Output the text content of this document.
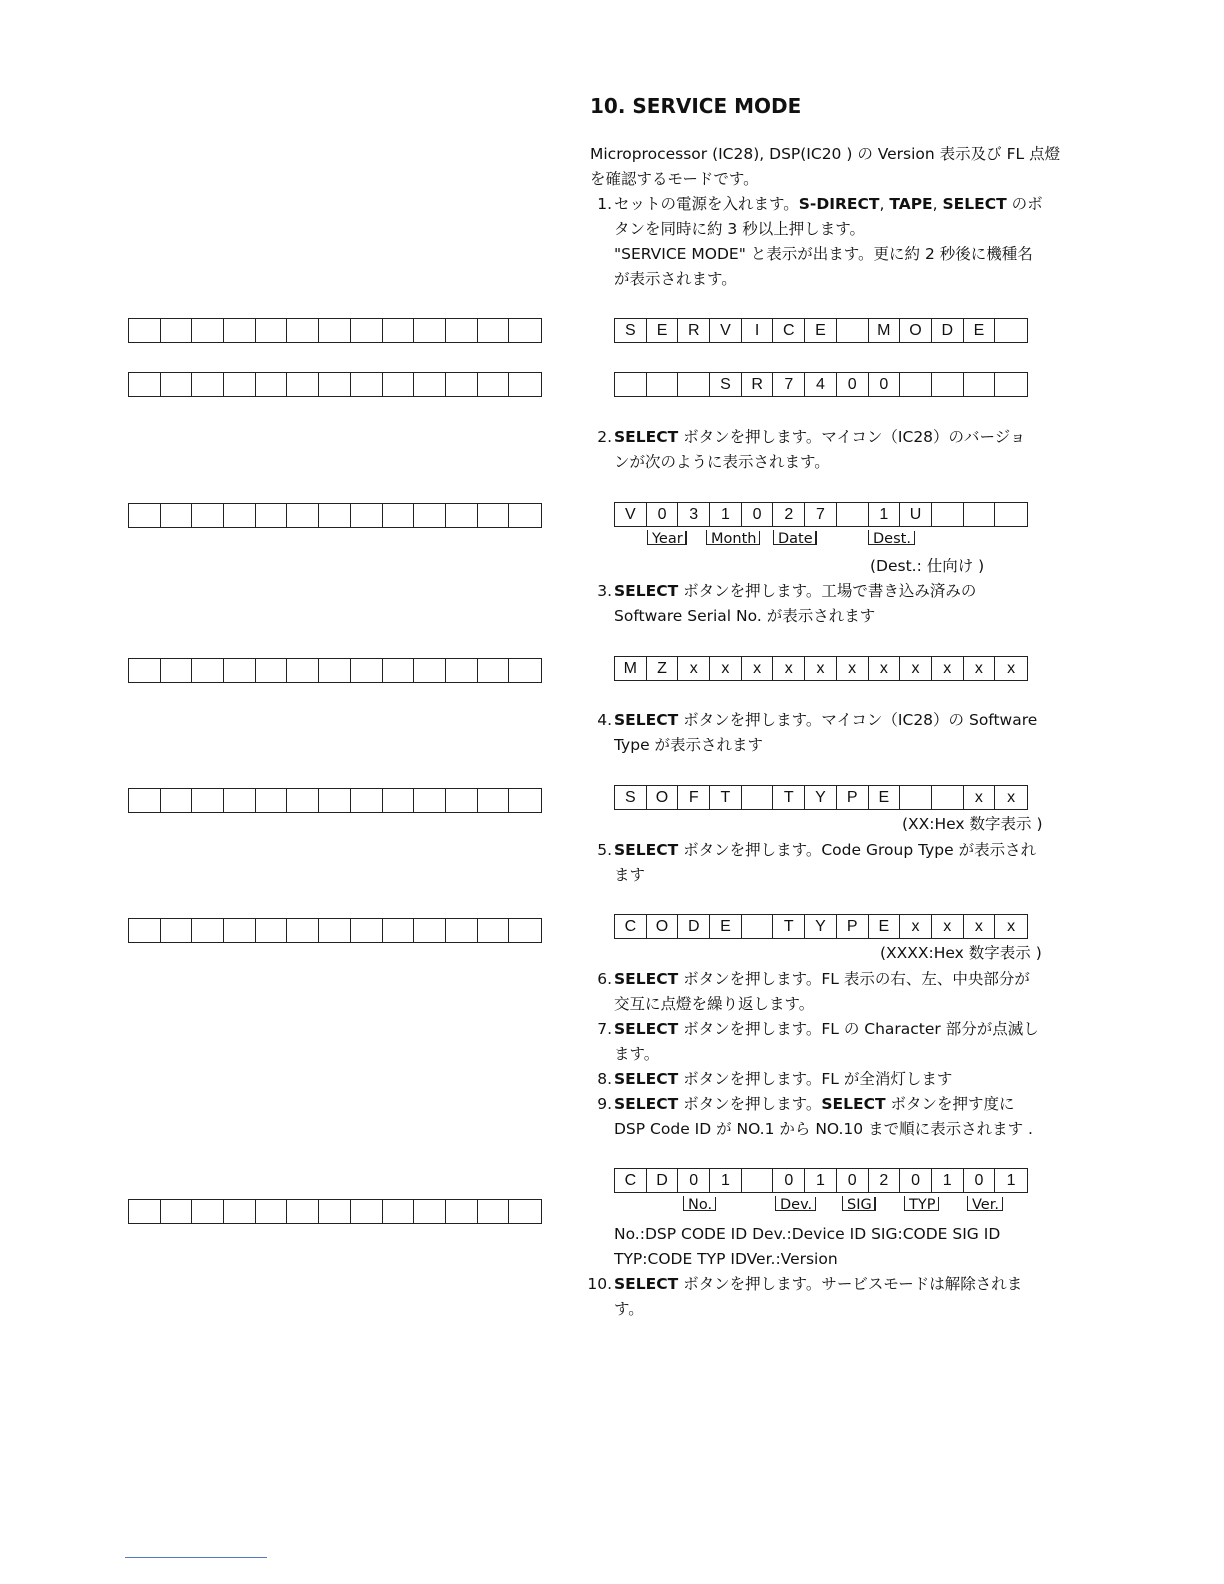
10. SERVICE MODE
Microprocessor (IC28), DSP(IC20 ) の Version 表示及び FL 点燈
を確認するモードです。
1. セットの電源を入れます。S-DIRECT, TAPE, SELECT のボ
タンを同時に約 3 秒以上押します。
"SERVICE MODE" と表示が出ます。更に約 2 秒後に機種名
が表示されます。
S	E	R	V	I	C	E	M	O	D	E
S	R	7	4	0	0
2. SELECT ボタンを押します。マイコン（IC28）のバージョ
ンが次のように表示されます。
V	0	3	1	0	2	7	1	U
Year	Month	Date	Dest.
(Dest.: 仕向け )
3. SELECT ボタンを押します。工場で書き込み済みの
Software Serial No. が表示されます
M	Z	x	x	x	x	x	x	x	x	x	x	x
4. SELECT ボタンを押します。マイコン（IC28）の Software
Type が表示されます
S	O	F	T	T	Y	P	E	x	x
(XX:Hex 数字表示 )
5. SELECT ボタンを押します。Code Group Type が表示され
ます
C	O	D	E	T	Y	P	E	x	x	x	x
(XXXX:Hex 数字表示 )
6. SELECT ボタンを押します。FL 表示の右、左、中央部分が
交互に点燈を繰り返します。
7. SELECT ボタンを押します。FL の Character 部分が点滅し
ます。
8. SELECT ボタンを押します。FL が全消灯します
9. SELECT ボタンを押します。SELECT ボタンを押す度に
DSP Code ID が NO.1 から NO.10 まで順に表示されます .
C	D	0	1	0	1	0	2	0	1	0	1
No.	Dev.	SIG	TYP	Ver.
No.:DSP CODE ID Dev.:Device ID SIG:CODE SIG ID
TYP:CODE TYP IDVer.:Version
10. SELECT ボタンを押します。サービスモードは解除されま
す。
